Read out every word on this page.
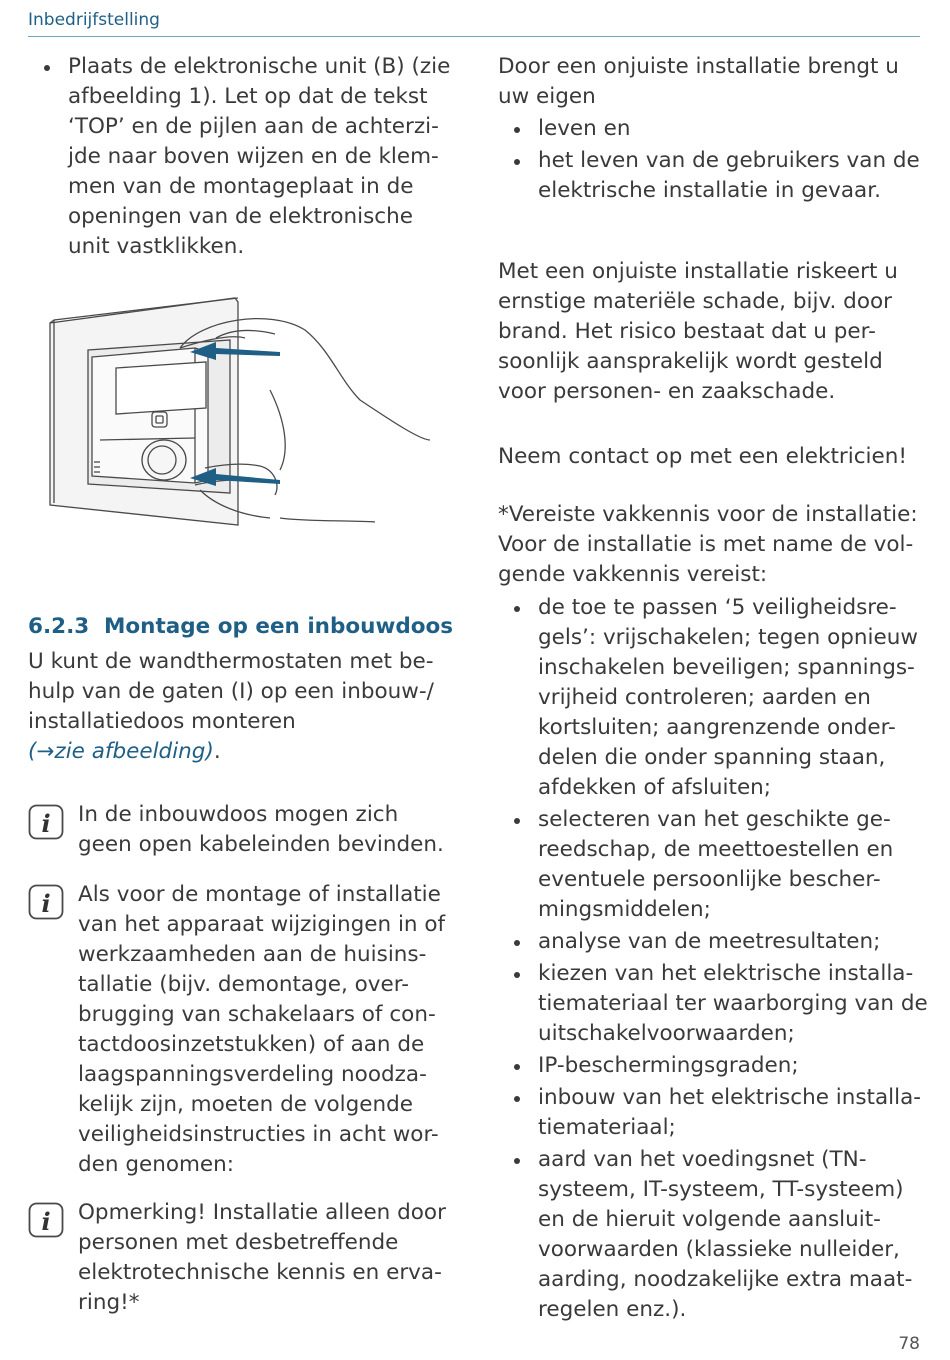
Inbedrijfstelling
Plaats de elektronische unit (B) (zie
afbeelding 1). Let op dat de tekst
‘TOP’ en de pijlen aan de achterzi-
jde naar boven wijzen en de klem-
men van de montageplaat in de
openingen van de elektronische
unit vastklikken.
6.2.3 Montage op een inbouwdoos
U kunt de wandthermostaten met be-
hulp van de gaten (I) op een inbouw-/
installatiedoos monteren
(→zie afbeelding).
i In de inbouwdoos mogen zich
geen open kabeleinden bevinden.
i Als voor de montage of installatie
van het apparaat wijzigingen in of
werkzaamheden aan de huisins-
tallatie (bijv. demontage, over-
brugging van schakelaars of con-
tactdoosinzetstukken) of aan de
laagspanningsverdeling noodza-
kelijk zijn, moeten de volgende
veiligheidsinstructies in acht wor-
den genomen:
i Opmerking! Installatie alleen door
personen met desbetreffende
elektrotechnische kennis en erva-
ring!*
Door een onjuiste installatie brengt u
uw eigen
leven en
het leven van de gebruikers van de
elektrische installatie in gevaar.
Met een onjuiste installatie riskeert u
ernstige materiële schade, bijv. door
brand. Het risico bestaat dat u per-
soonlijk aansprakelijk wordt gesteld
voor personen- en zaakschade.
Neem contact op met een elektricien!
*Vereiste vakkennis voor de installatie:
Voor de installatie is met name de vol-
gende vakkennis vereist:
de toe te passen ‘5 veiligheidsre-
gels’: vrijschakelen; tegen opnieuw
inschakelen beveiligen; spannings-
vrijheid controleren; aarden en
kortsluiten; aangrenzende onder-
delen die onder spanning staan,
afdekken of afsluiten;
selecteren van het geschikte ge-
reedschap, de meettoestellen en
eventuele persoonlijke bescher-
mingsmiddelen;
analyse van de meetresultaten;
kiezen van het elektrische installa-
tiemateriaal ter waarborging van de
uitschakelvoorwaarden;
IP-beschermingsgraden;
inbouw van het elektrische installa-
tiemateriaal;
aard van het voedingsnet (TN-
systeem, IT-systeem, TT-systeem)
en de hieruit volgende aansluit-
voorwaarden (klassieke nulleider,
aarding, noodzakelijke extra maat-
regelen enz.).
78
